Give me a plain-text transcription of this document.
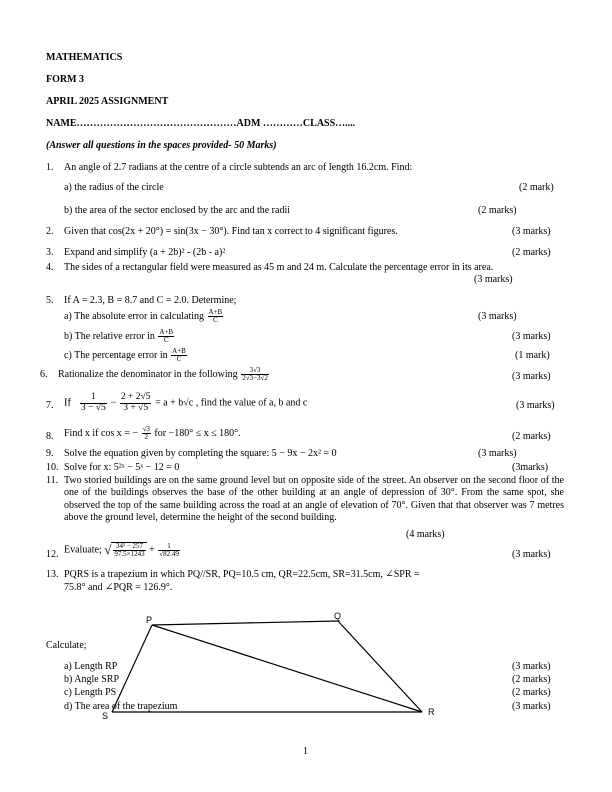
MATHEMATICS
FORM 3
APRIL 2025 ASSIGNMENT
NAME…………………………………………ADM …………CLASS…....
(Answer all questions in the spaces provided- 50 Marks)
1. An angle of 2.7 radians at the centre of a circle subtends an arc of length 16.2cm. Find:
a) the radius of the circle	(2 mark)
b) the area of the sector enclosed by the arc and the radii	(2 marks)
2. Given that cos(2x + 20°) = sin(3x − 30°). Find tan x correct to 4 significant figures.	(3 marks)
3. Expand and simplify (a + 2b)² - (2b - a)²	(2 marks)
4. The sides of a rectangular field were measured as 45 m and 24 m. Calculate the percentage error in its area.
(3 marks)
5. If A = 2.3, B = 8.7 and C = 2.0. Determine;
a) The absolute error in calculating $\frac{A+B}{C}$	(3 marks)
b) The relative error in $\frac{A+B}{C}$	(3 marks)
c) The percentage error in $\frac{A+B}{C}$	(1 mark)
6. Rationalize the denominator in the following $\frac{3√3}{2√3-3√2}$	(3 marks)
7. If $\frac{1}{3 - √5} - \frac{2 + 2√5}{3 + √5} = a + b√c$ , find the value of a, b and c	(3 marks)
8. Find x if cos x = − $\frac{√3}{2}$ for −180° ≤ x ≤ 180°.	(2 marks)
9. Solve the equation given by completing the square: 5 − 9x − 2x² = 0	(3 marks)
10. Solve for x: 5²ˣ − 5ˣ − 12 = 0	(3marks)
11. Two storied buildings are on the same ground level but on opposite side of the street. An observer on the second floor of the one of the buildings observes the base of the other building at an angle of depression of 30°. From the same spot, she observed the top of the same building across the road at an angle of elevation of 70°. Given that that observer was 7 metres above the ground level, determine the height of the second building.
(4 marks)
12. Evaluate; √ $\frac{\text{34² − 257}}{97.5\times 1243} + \frac{1}{√82.49}$	(3 marks)
13. PQRS is a trapezium in which PQ//SR, PQ=10.5 cm, QR=22.5cm, SR=31.5cm, ∠SPR =
75.8° and ∠PQR = 126.9°.
Calculate;
a) Length RP	(3 marks)
b) Angle SRP	(2 marks)
c) Length PS	(2 marks)
d) The area of the trapezium	(3 marks)
P	Q
R
S
1
